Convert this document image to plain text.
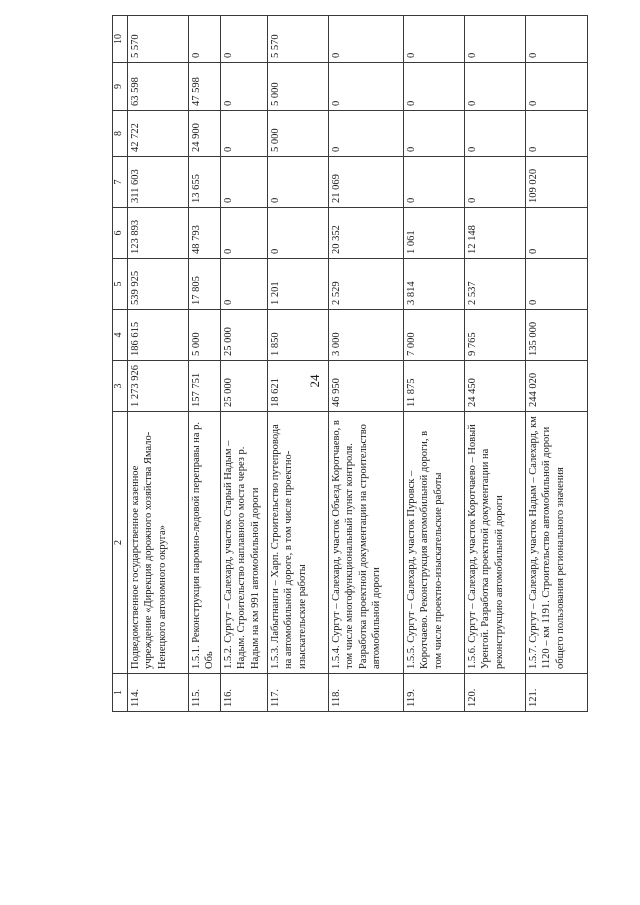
24
1	2	3	4	5	6	7	8	9	10
114.	Подведомственное государственное казенное учреждение «Дирекция дорожного хозяйства Ямало-Ненецкого автономного округа»	1 273 926	186 615	539 925	123 893	311 603	42 722	63 598	5 570
115.	1.5.1. Реконструкция паромно-ледовой переправы на р. Обь	157 751	5 000	17 805	48 793	13 655	24 900	47 598	0
116.	1.5.2. Сургут – Салехард, участок Старый Надым – Надым. Строительство наплавного моста через р. Надым на км 991 автомобильной дороги	25 000	25 000	0	0	0	0	0	0
117.	1.5.3. Лабытнанги – Харп. Строительство путепровода на автомобильной дороге, в том числе проектно-изыскательские работы	18 621	1 850	1 201	0	0	5 000	5 000	5 570
118.	1.5.4. Сургут – Салехард, участок Объезд Коротчаево, в том числе многофункциональный пункт контроля. Разработка проектной документации на строительство автомобильной дороги	46 950	3 000	2 529	20 352	21 069	0	0	0
119.	1.5.5. Сургут – Салехард, участок Пуровск – Коротчаево. Реконструкция автомобильной дороги, в том числе проектно-изыскательские работы	11 875	7 000	3 814	1 061	0	0	0	0
120.	1.5.6. Сургут – Салехард, участок Коротчаево – Новый Уренгой. Разработка проектной документации на реконструкцию автомобильной дороги	24 450	9 765	2 537	12 148	0	0	0	0
121.	1.5.7. Сургут – Салехард, участок Надым – Салехард, км 1120 – км 1191. Строительство автомобильной дороги общего пользования регионального значения	244 020	135 000	0	0	109 020	0	0	0
